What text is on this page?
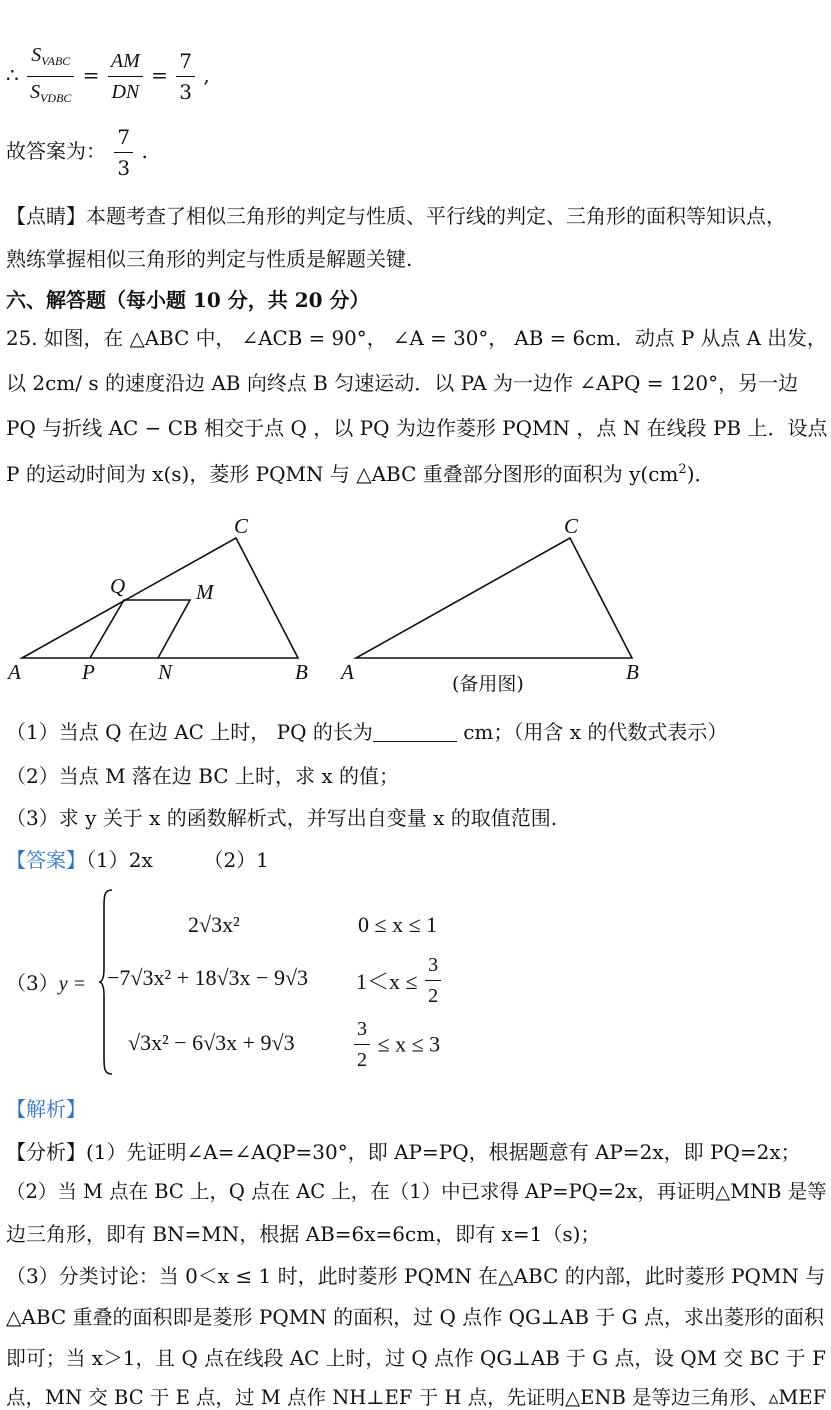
∴ $\frac{S_{VABC}}{S_{VDBC}} = \frac{AM}{DN} = \frac{7}{3}$ ,
故答案为： $\frac{7}{3}$ .
【点睛】本题考查了相似三角形的判定与性质、平行线的判定、三角形的面积等知识点，
熟练掌握相似三角形的判定与性质是解题关键.
六、解答题（每小题 10 分，共 20 分）
25. 如图，在 △ABC 中， ∠ACB = 90°， ∠A = 30°， AB = 6cm．动点 P 从点 A 出发，
以 2cm/ s 的速度沿边 AB 向终点 B 匀速运动．以 PA 为一边作 ∠APQ = 120°，另一边
PQ 与折线 AC − CB 相交于点 Q ，以 PQ 为边作菱形 PQMN ，点 N 在线段 PB 上．设点
P 的运动时间为 x(s)，菱形 PQMN 与 △ABC 重叠部分图形的面积为 $y(cm^2)$．
C
Q	M
A	P	N	B
C
A	B
(备用图)
（1）当点 Q 在边 AC 上时， PQ 的长为	cm；（用含 x 的代数式表示）
（2）当点 M 落在边 BC 上时，求 x 的值；
（3）求 y 关于 x 的函数解析式，并写出自变量 x 的取值范围.
【答案】（1）2x	（2）1
（3）y =
2√3x²	0 ≤ x ≤ 1
−7√3x² + 18√3x − 9√3 $1<x \le \frac{3}{2}$
√3x² − 6√3x + 9√3	$\frac{3}{2} \le x \le 3$
【解析】
【分析】(1）先证明∠A=∠AQP=30°，即 AP=PQ，根据题意有 AP=2x，即 PQ=2x；
（2）当 M 点在 BC 上，Q 点在 AC 上，在（1）中已求得 AP=PQ=2x，再证明△MNB 是等
边三角形，即有 BN=MN，根据 AB=6x=6cm，即有 x=1（s)；
（3）分类讨论：当 0＜x ≤ 1 时，此时菱形 PQMN 在△ABC 的内部，此时菱形 PQMN 与
△ABC 重叠的面积即是菱形 PQMN 的面积，过 Q 点作 QG⊥AB 于 G 点，求出菱形的面积
即可；当 x＞1，且 Q 点在线段 AC 上时，过 Q 点作 QG⊥AB 于 G 点，设 QM 交 BC 于 F
点，MN 交 BC 于 E 点，过 M 点作 NH⊥EF 于 H 点，先证明△ENB 是等边三角形、▵MEF
